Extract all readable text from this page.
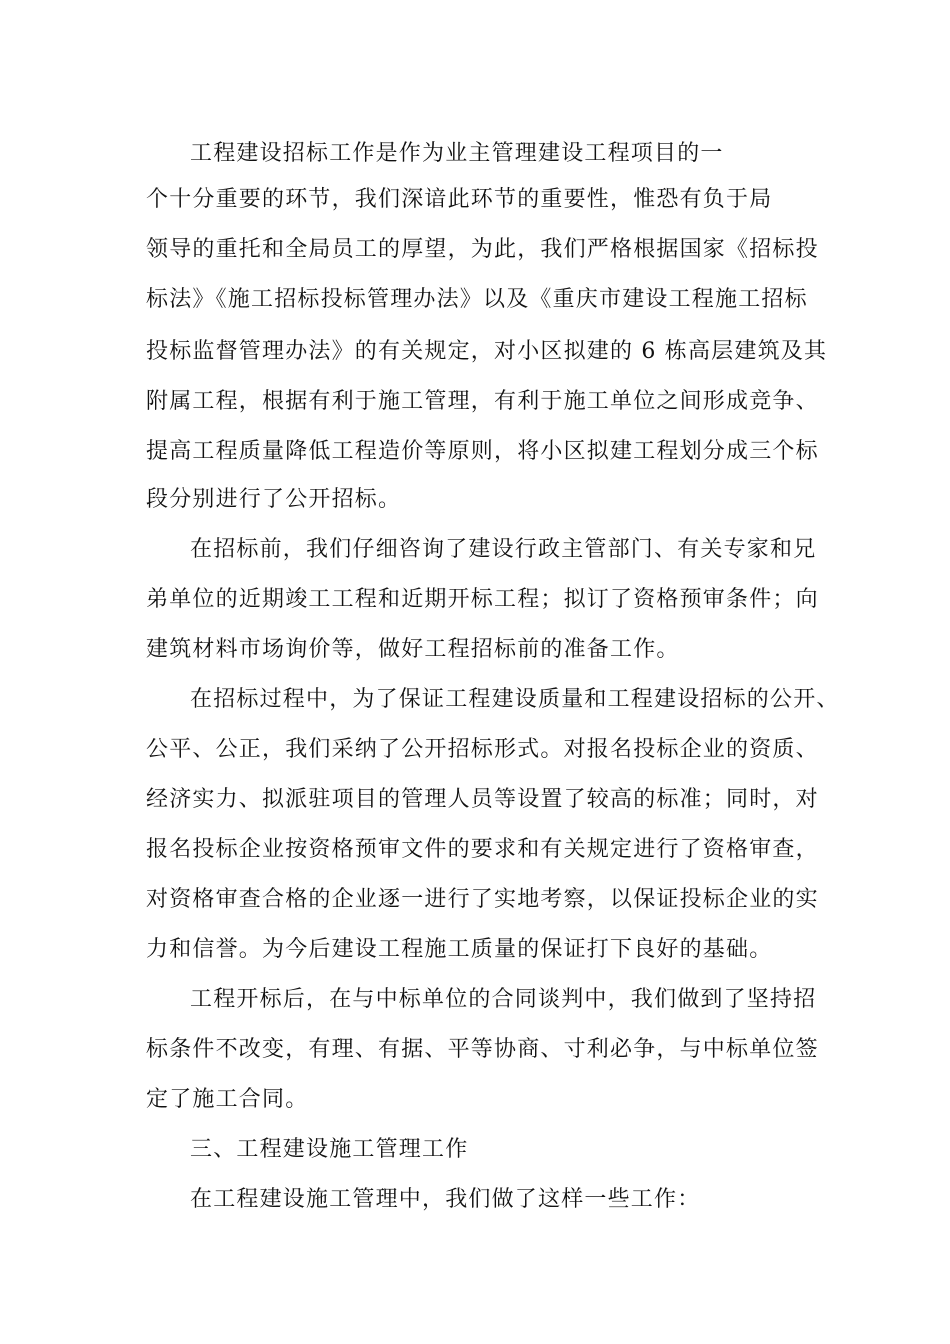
工程建设招标工作是作为业主管理建设工程项目的一
个十分重要的环节，我们深谙此环节的重要性，惟恐有负于局
领导的重托和全局员工的厚望，为此，我们严格根据国家《招标投
标法》《施工招标投标管理办法》以及《重庆市建设工程施工招标
投标监督管理办法》的有关规定，对小区拟建的 6 栋高层建筑及其
附属工程，根据有利于施工管理，有利于施工单位之间形成竞争、
提高工程质量降低工程造价等原则，将小区拟建工程划分成三个标
段分别进行了公开招标。
在招标前，我们仔细咨询了建设行政主管部门、有关专家和兄
弟单位的近期竣工工程和近期开标工程；拟订了资格预审条件；向
建筑材料市场询价等，做好工程招标前的准备工作。
在招标过程中，为了保证工程建设质量和工程建设招标的公开、
公平、公正，我们采纳了公开招标形式。对报名投标企业的资质、
经济实力、拟派驻项目的管理人员等设置了较高的标准；同时，对
报名投标企业按资格预审文件的要求和有关规定进行了资格审查，
对资格审查合格的企业逐一进行了实地考察，以保证投标企业的实
力和信誉。为今后建设工程施工质量的保证打下良好的基础。
工程开标后，在与中标单位的合同谈判中，我们做到了坚持招
标条件不改变，有理、有据、平等协商、寸利必争，与中标单位签
定了施工合同。
三、工程建设施工管理工作
在工程建设施工管理中，我们做了这样一些工作：
